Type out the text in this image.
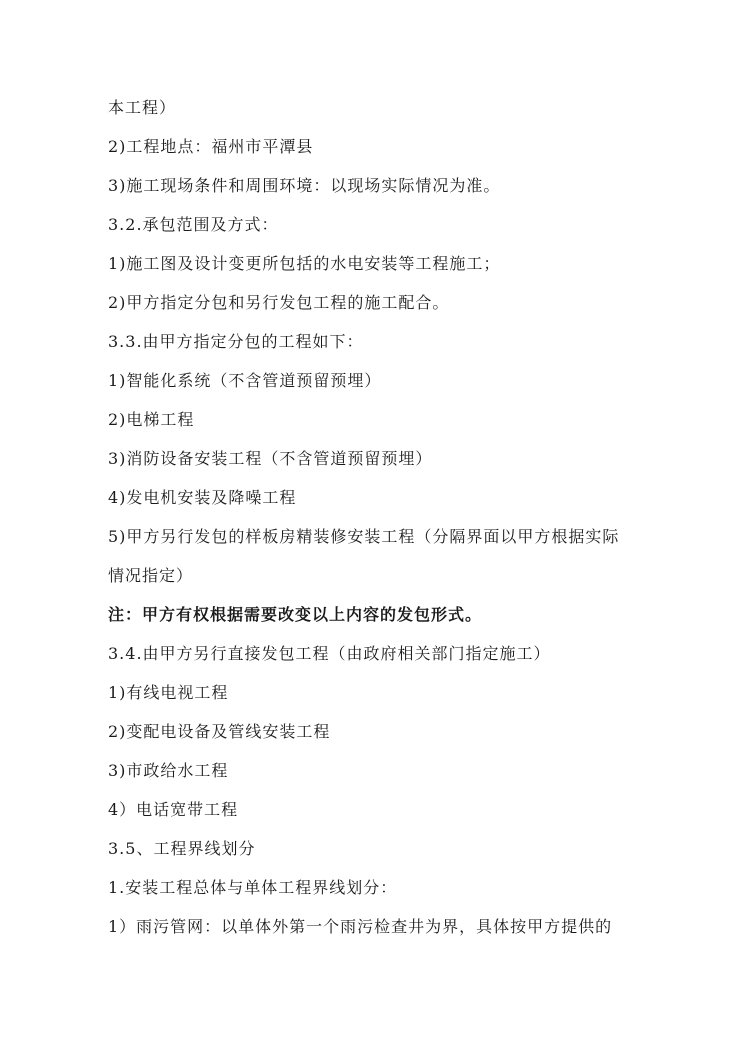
本工程）
2)工程地点：福州市平潭县
3)施工现场条件和周围环境：以现场实际情况为准。
3.2.承包范围及方式：
1)施工图及设计变更所包括的水电安装等工程施工；
2)甲方指定分包和另行发包工程的施工配合。
3.3.由甲方指定分包的工程如下：
1)智能化系统（不含管道预留预埋）
2)电梯工程
3)消防设备安装工程（不含管道预留预埋）
4)发电机安装及降噪工程
5)甲方另行发包的样板房精装修安装工程（分隔界面以甲方根据实际
情况指定）
注：甲方有权根据需要改变以上内容的发包形式。
3.4.由甲方另行直接发包工程（由政府相关部门指定施工）
1)有线电视工程
2)变配电设备及管线安装工程
3)市政给水工程
4）电话宽带工程
3.5、工程界线划分
1.安装工程总体与单体工程界线划分：
1）雨污管网：以单体外第一个雨污检查井为界，具体按甲方提供的
